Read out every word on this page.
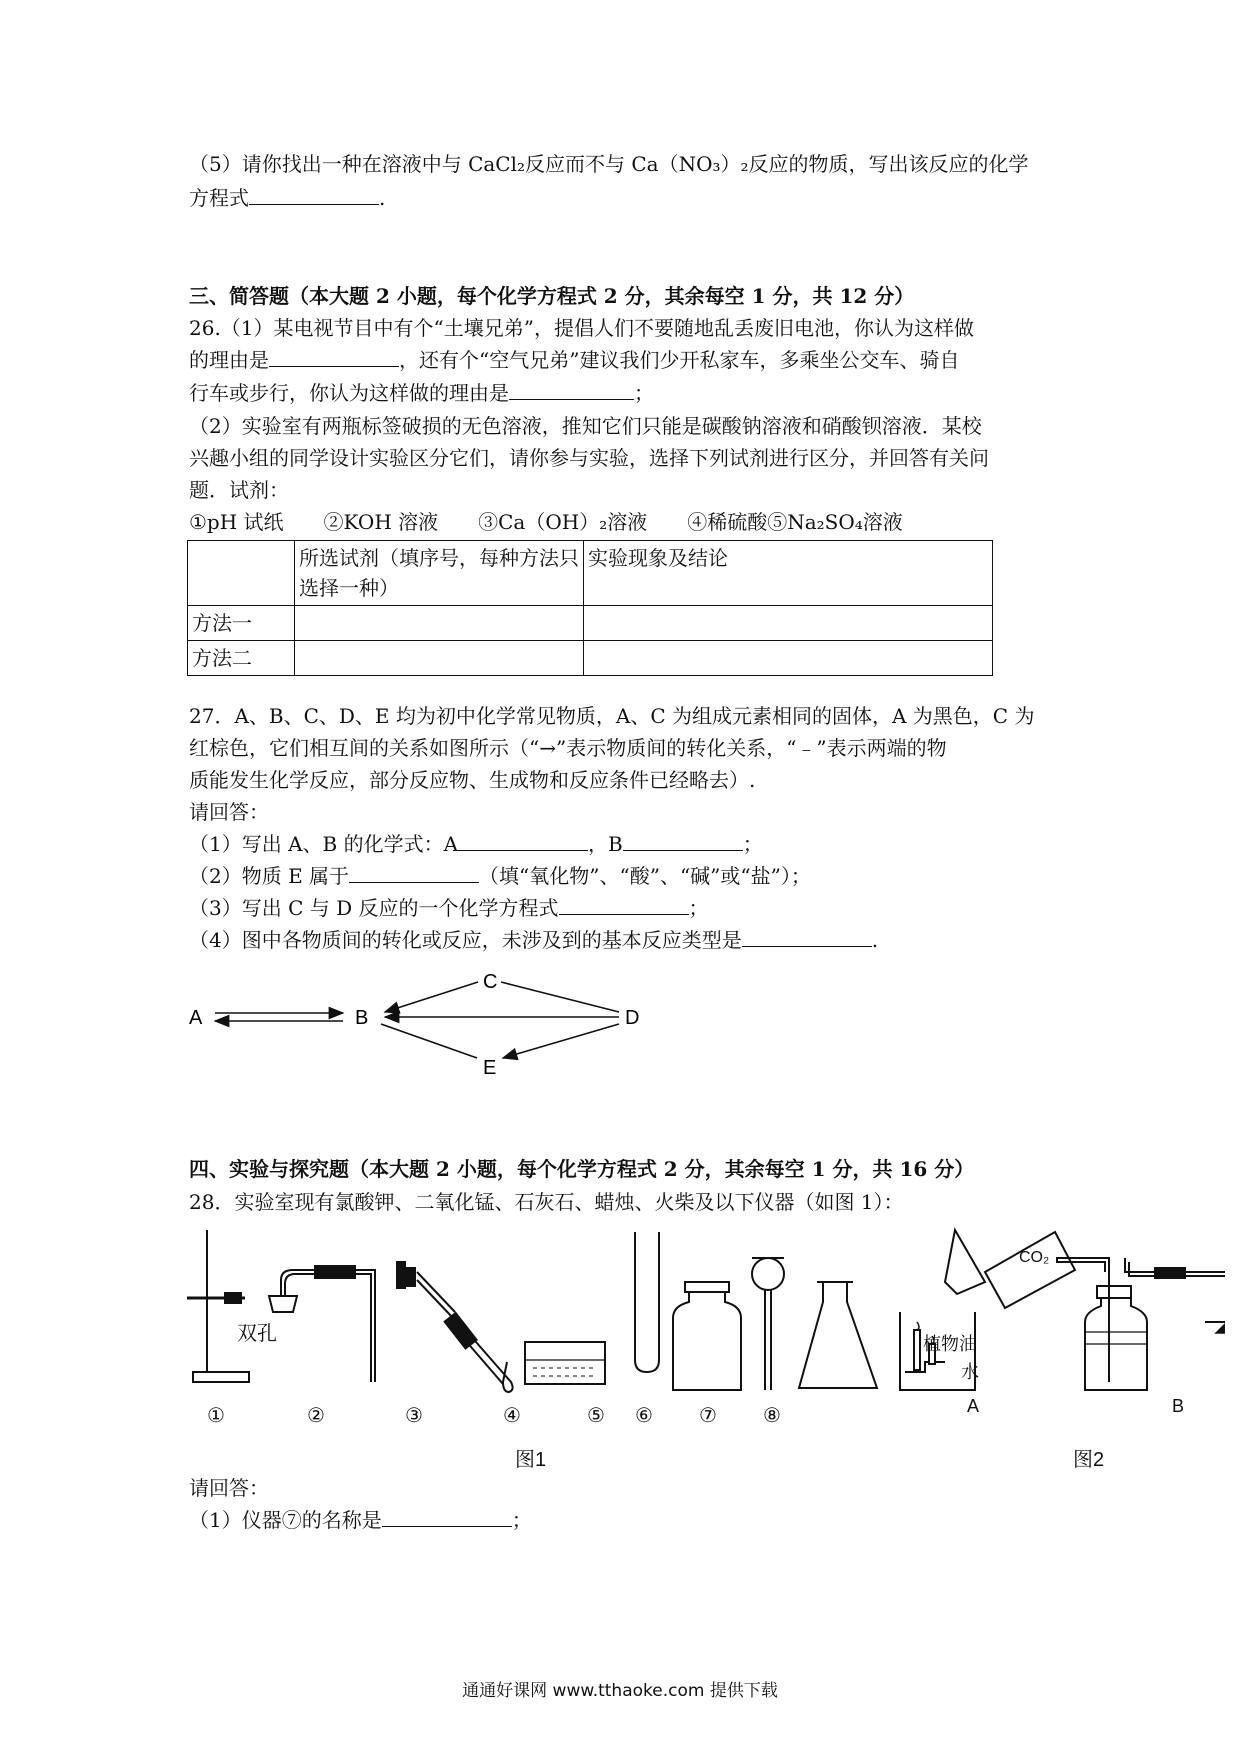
（5）请你找出一种在溶液中与 CaCl₂反应而不与 Ca（NO₃）₂反应的物质，写出该反应的化学
方程式	.
三、简答题（本大题 2 小题，每个化学方程式 2 分，其余每空 1 分，共 12 分）
26.（1）某电视节目中有个“土壤兄弟”，提倡人们不要随地乱丢废旧电池，你认为这样做
的理由是	，还有个“空气兄弟”建议我们少开私家车，多乘坐公交车、骑自
行车或步行，你认为这样做的理由是	；
（2）实验室有两瓶标签破损的无色溶液，推知它们只能是碳酸钠溶液和硝酸钡溶液．某校
兴趣小组的同学设计实验区分它们，请你参与实验，选择下列试剂进行区分，并回答有关问
题．试剂：
①pH 试纸　　②KOH 溶液　　③Ca（OH）₂溶液　　④稀硫酸⑤Na₂SO₄溶液
	所选试剂（填序号，每种方法只选择一种）	实验现象及结论
方法一		
方法二		
27．A、B、C、D、E 均为初中化学常见物质，A、C 为组成元素相同的固体，A 为黑色，C 为
红棕色，它们相互间的关系如图所示（“→”表示物质间的转化关系，“﹣”表示两端的物
质能发生化学反应，部分反应物、生成物和反应条件已经略去）.
请回答：
（1）写出 A、B 的化学式：A	，B	；
（2）物质 E 属于	（填“氧化物”、“酸”、“碱”或“盐”）；
（3）写出 C 与 D 反应的一个化学方程式	；
（4）图中各物质间的转化或反应，未涉及到的基本反应类型是	.
A	B
C
D
E
四、实验与探究题（本大题 2 小题，每个化学方程式 2 分，其余每空 1 分，共 16 分）
28．实验室现有氯酸钾、二氧化锰、石灰石、蜡烛、火柴及以下仪器（如图 1）：
◢
双孔
CO₂
植物油
水
A	B
①	②	③	④	⑤ ⑥ ⑦ ⑧
图1	图2
请回答：
（1）仪器⑦的名称是	；
通通好课网 www.tthaoke.com 提供下载
